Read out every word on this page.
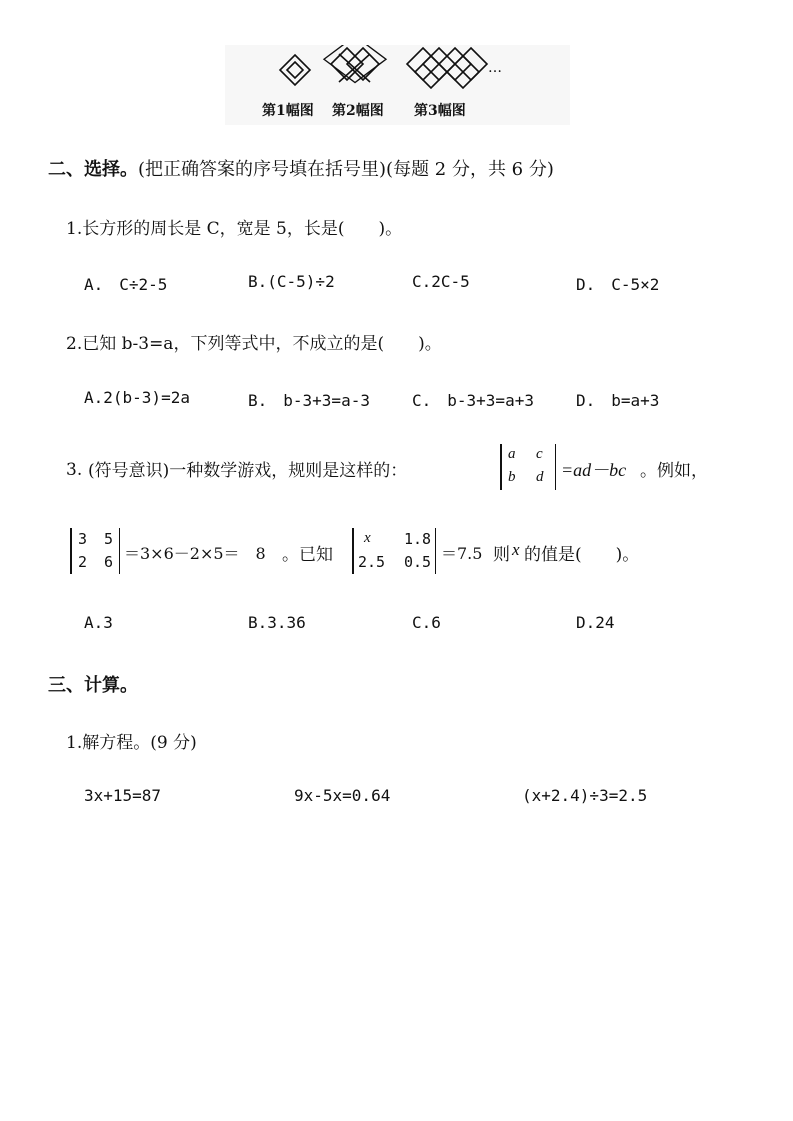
第1幅图 第2幅图 第3幅图
…
二、选择。(把正确答案的序号填在括号里)(每题 2 分，共 6 分)
1.长方形的周长是 C，宽是 5，长是(　　)。
A.　C÷2-5	B.(C-5)÷2	C.2C-5	D.　C-5×2
2.已知 b-3=a，下列等式中，不成立的是(　　)。
A.2(b-3)=2a	B.　b-3+3=a-3	C.　b-3+3=a+3	D.　b=a+3
3. (符号意识)一种数学游戏，规则是这样的：
a c
b d =ad－bc 。例如，
3 5
2 6 ＝3×6－2×5＝　8 。已知
x 1.8
2.5 0.5 ＝7.5 则 x 的值是(　　)。
A.3	B.3.36	C.6	D.24
三、计算。
1.解方程。(9 分)
3x+15=87	9x-5x=0.64	(x+2.4)÷3=2.5
